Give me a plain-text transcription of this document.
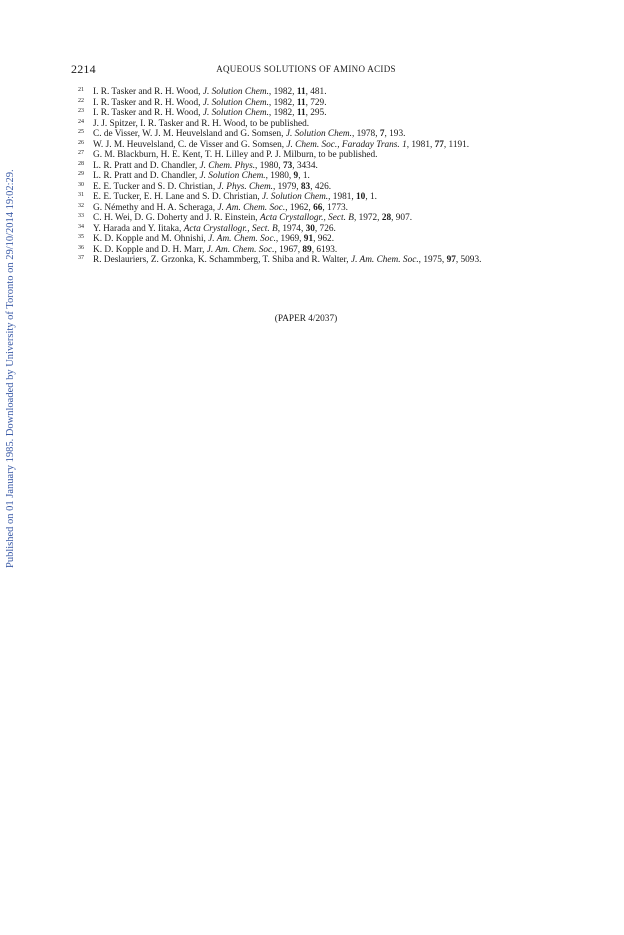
2214	AQUEOUS SOLUTIONS OF AMINO ACIDS
21 I. R. Tasker and R. H. Wood, J. Solution Chem., 1982, 11, 481.
22 I. R. Tasker and R. H. Wood, J. Solution Chem., 1982, 11, 729.
23 I. R. Tasker and R. H. Wood, J. Solution Chem., 1982, 11, 295.
24 J. J. Spitzer, I. R. Tasker and R. H. Wood, to be published.
25 C. de Visser, W. J. M. Heuvelsland and G. Somsen, J. Solution Chem., 1978, 7, 193.
26 W. J. M. Heuvelsland, C. de Visser and G. Somsen, J. Chem. Soc., Faraday Trans. 1, 1981, 77, 1191.
27 G. M. Blackburn, H. E. Kent, T. H. Lilley and P. J. Milburn, to be published.
28 L. R. Pratt and D. Chandler, J. Chem. Phys., 1980, 73, 3434.
29 L. R. Pratt and D. Chandler, J. Solution Chem., 1980, 9, 1.
30 E. E. Tucker and S. D. Christian, J. Phys. Chem., 1979, 83, 426.
31 E. E. Tucker, E. H. Lane and S. D. Christian, J. Solution Chem., 1981, 10, 1.
32 G. Némethy and H. A. Scheraga, J. Am. Chem. Soc., 1962, 66, 1773.
33 C. H. Wei, D. G. Doherty and J. R. Einstein, Acta Crystallogr., Sect. B, 1972, 28, 907.
34 Y. Harada and Y. Iitaka, Acta Crystallogr., Sect. B, 1974, 30, 726.
35 K. D. Kopple and M. Ohnishi, J. Am. Chem. Soc., 1969, 91, 962.
36 K. D. Kopple and D. H. Marr, J. Am. Chem. Soc., 1967, 89, 6193.
37 R. Deslauriers, Z. Grzonka, K. Schammberg, T. Shiba and R. Walter, J. Am. Chem. Soc., 1975, 97, 5093.
(PAPER 4/2037)
Published on 01 January 1985. Downloaded by University of Toronto on 29/10/2014 19:02:29.
